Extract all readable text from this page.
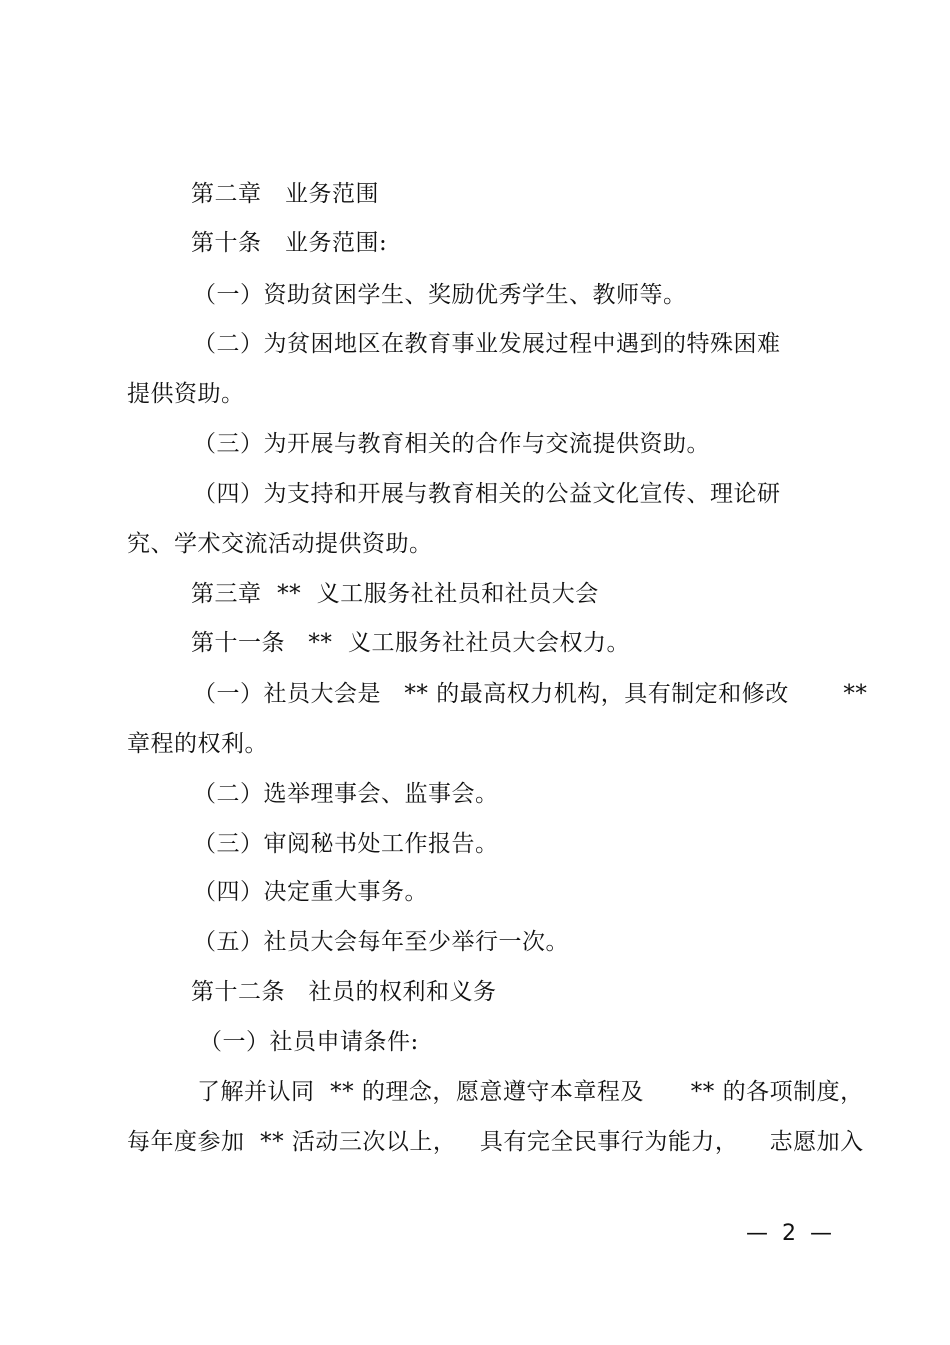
第二章　业务范围
第十条　业务范围:
（一）资助贫困学生、奖励优秀学生、教师等。
（二）为贫困地区在教育事业发展过程中遇到的特殊困难
提供资助。
（三）为开展与教育相关的合作与交流提供资助。
（四）为支持和开展与教育相关的公益文化宣传、理论研
究、学术交流活动提供资助。
第三章  **  义工服务社社员和社员大会
第十一条   **  义工服务社社员大会权力。
（一）社员大会是   ** 的最高权力机构，具有制定和修改       **
章程的权利。
（二）选举理事会、监事会。
（三）审阅秘书处工作报告。
（四）决定重大事务。
（五）社员大会每年至少举行一次。
第十二条　社员的权利和义务
（一）社员申请条件:
了解并认同  ** 的理念，愿意遵守本章程及      ** 的各项制度，
每年度参加  ** 活动三次以上，   具有完全民事行为能力，    志愿加入
—  2  —
